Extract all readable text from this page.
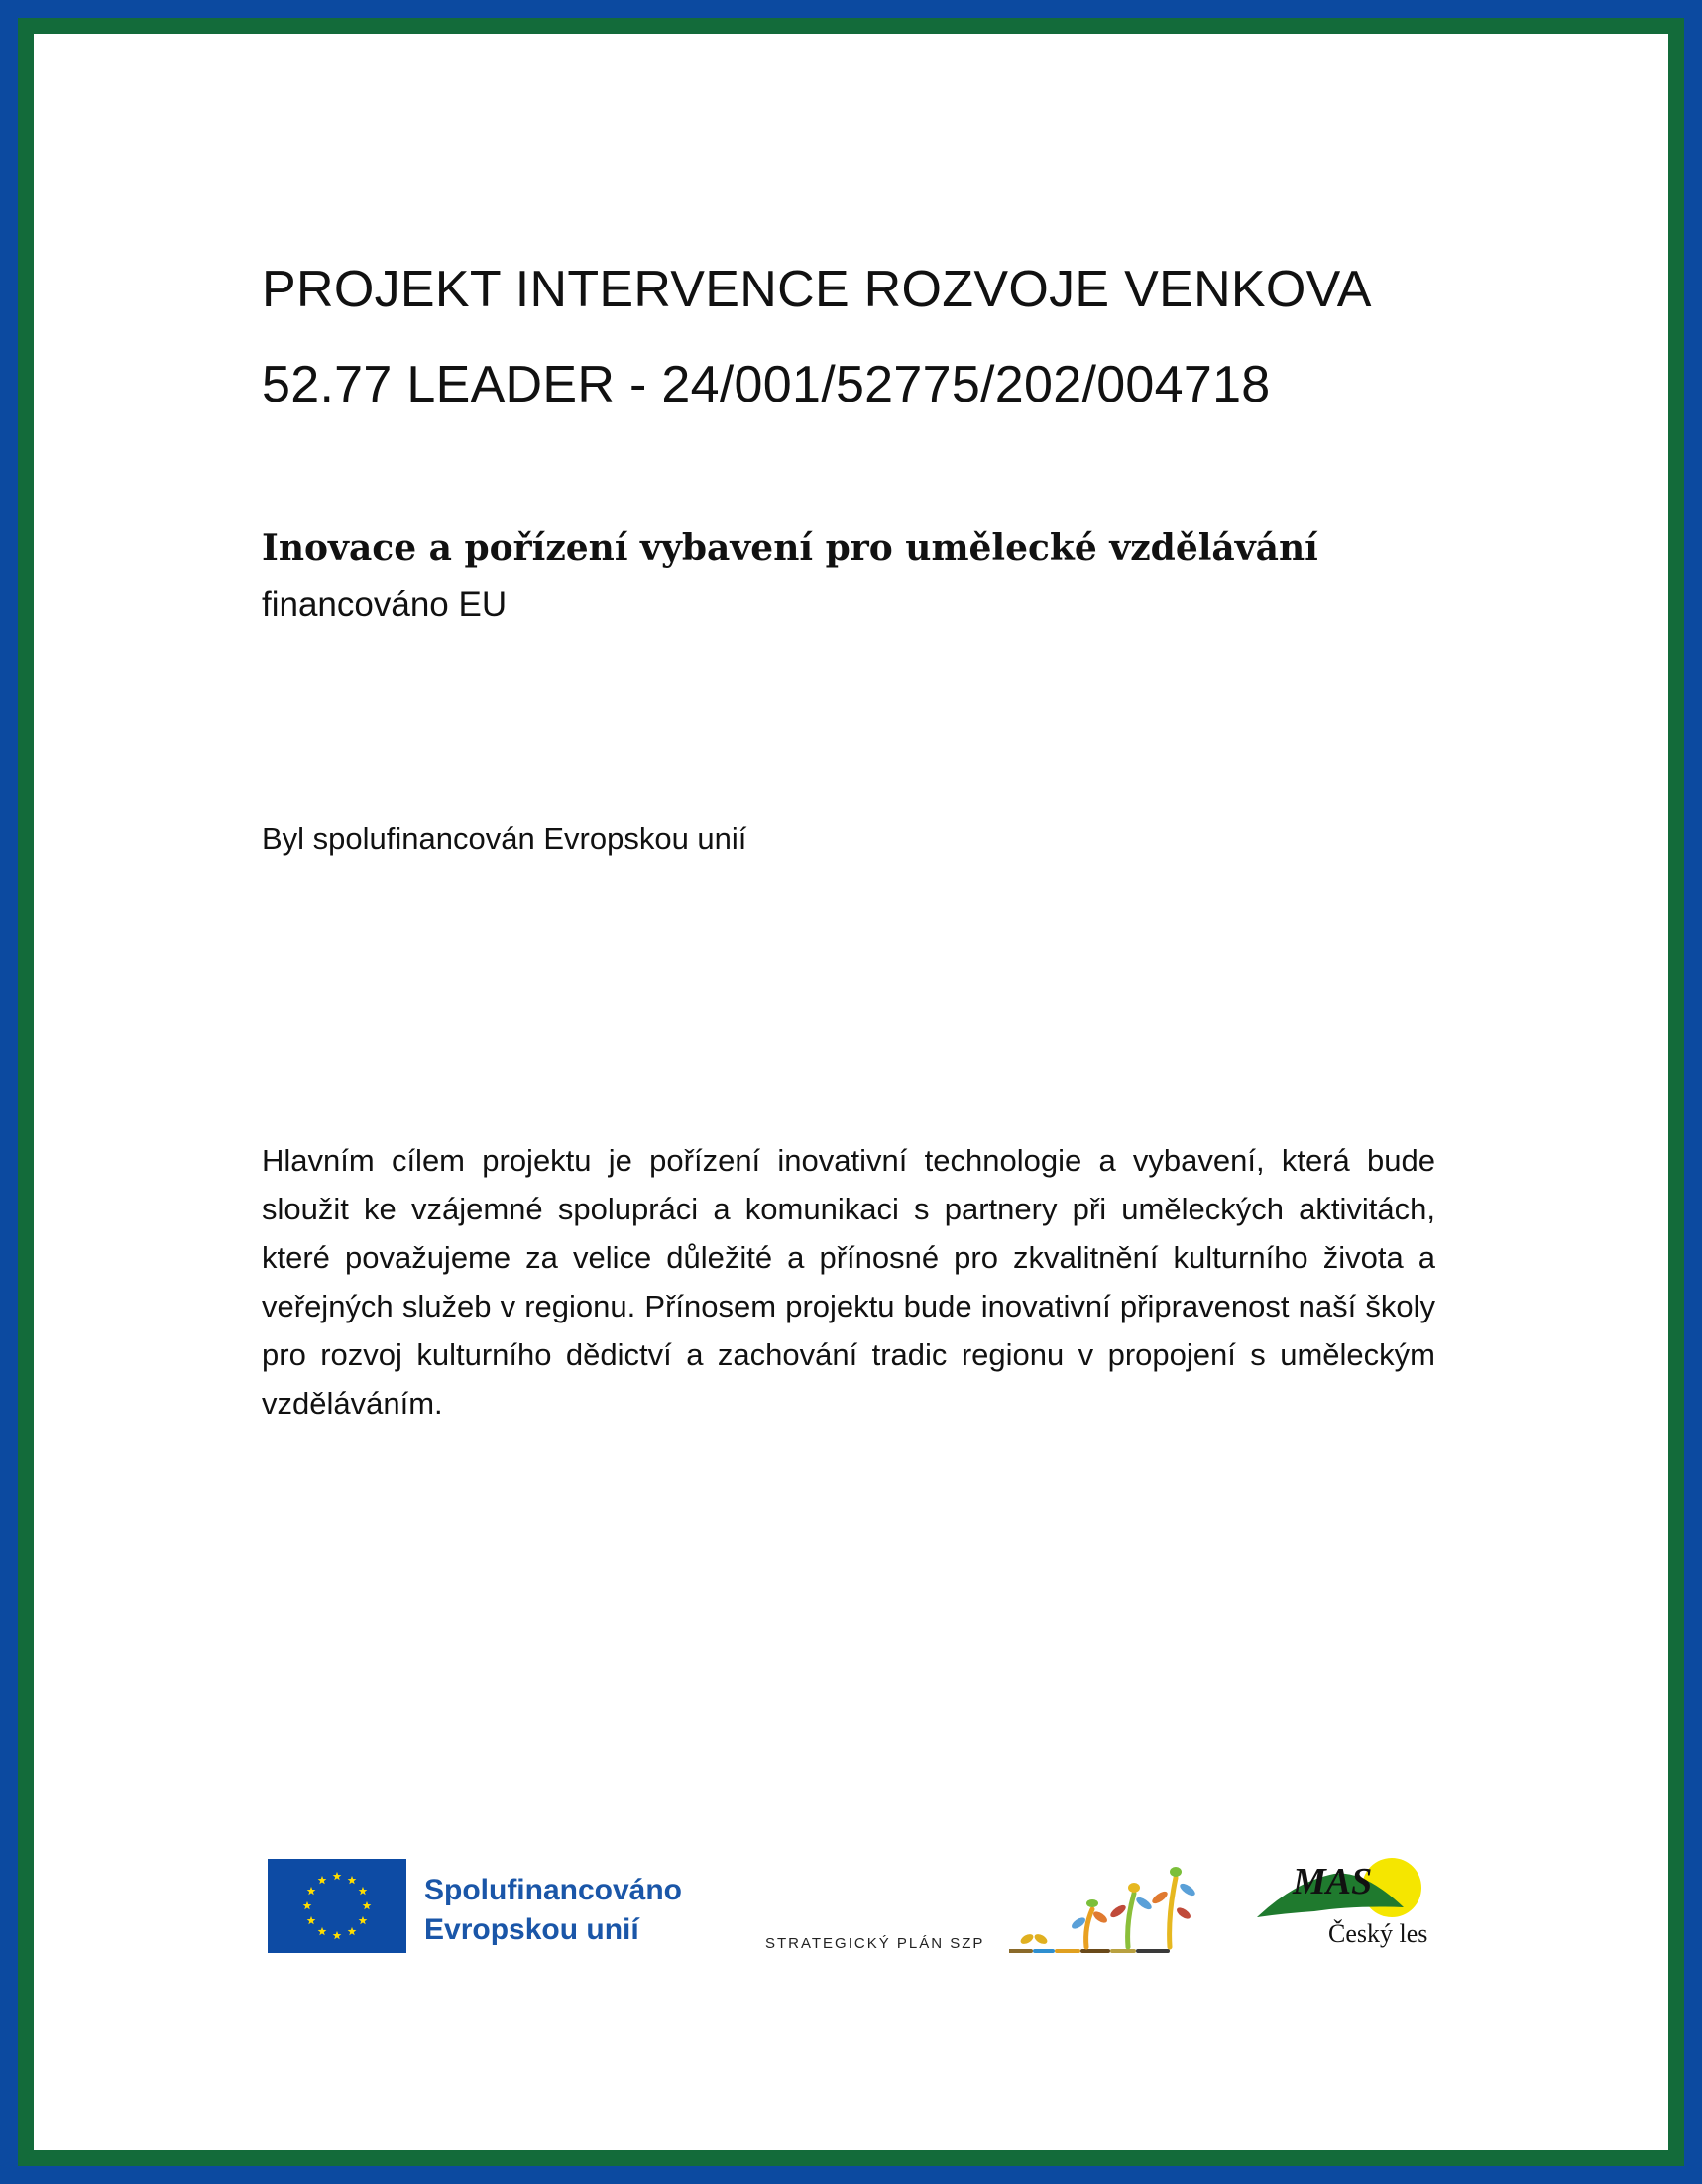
PROJEKT INTERVENCE ROZVOJE VENKOVA
52.77 LEADER - 24/001/52775/202/004718

Inovace a pořízení vybavení pro umělecké vzdělávání

financováno EU

Byl spolufinancován Evropskou unií

Hlavním cílem projektu je pořízení inovativní technologie a vybavení, která bude sloužit ke vzájemné spolupráci a komunikaci s partnery při uměleckých aktivitách, které považujeme za velice důležité a přínosné pro zkvalitnění kulturního života a veřejných služeb v regionu. Přínosem projektu bude inovativní připravenost naší školy pro rozvoj kulturního dědictví a zachování tradic regionu v propojení s uměleckým vzděláváním.

Spolufinancováno
Evropskou unií	STRATEGICKÝ PLÁN SZP
MAS
Český les
